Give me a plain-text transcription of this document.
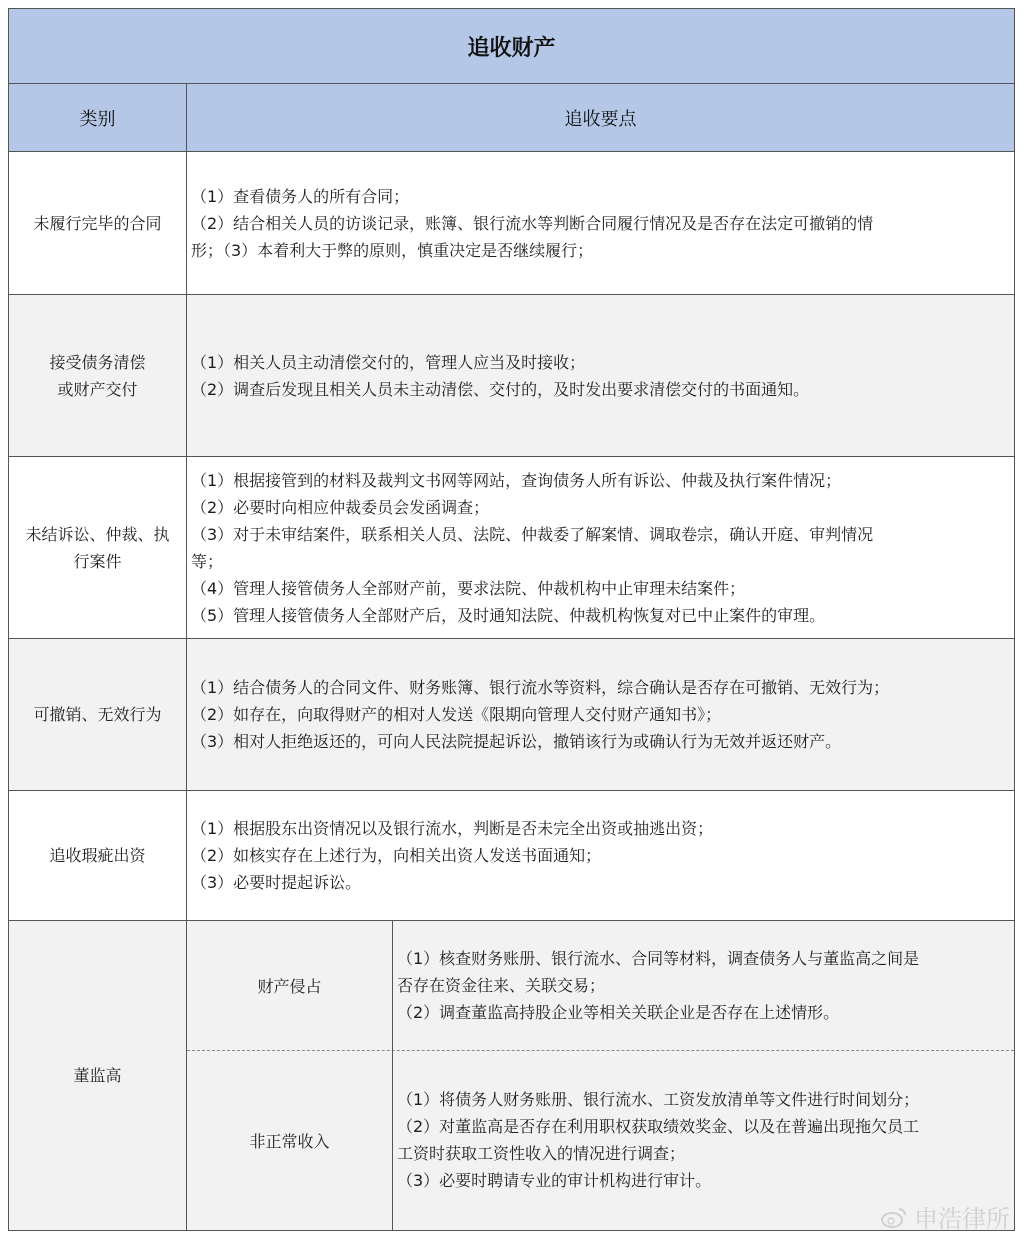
追收财产
类别	追收要点
未履行完毕的合同
（1）查看债务人的所有合同；
（2）结合相关人员的访谈记录，账簿、银行流水等判断合同履行情况及是否存在法定可撤销的情
形；（3）本着利大于弊的原则，慎重决定是否继续履行；
接受债务清偿
或财产交付
（1）相关人员主动清偿交付的，管理人应当及时接收；
（2）调查后发现且相关人员未主动清偿、交付的，及时发出要求清偿交付的书面通知。
未结诉讼、仲裁、执
行案件
（1）根据接管到的材料及裁判文书网等网站，查询债务人所有诉讼、仲裁及执行案件情况；
（2）必要时向相应仲裁委员会发函调查；
（3）对于未审结案件，联系相关人员、法院、仲裁委了解案情、调取卷宗，确认开庭、审判情况
等；
（4）管理人接管债务人全部财产前，要求法院、仲裁机构中止审理未结案件；
（5）管理人接管债务人全部财产后，及时通知法院、仲裁机构恢复对已中止案件的审理。
可撤销、无效行为
（1）结合债务人的合同文件、财务账簿、银行流水等资料，综合确认是否存在可撤销、无效行为；
（2）如存在，向取得财产的相对人发送《限期向管理人交付财产通知书》；
（3）相对人拒绝返还的，可向人民法院提起诉讼，撤销该行为或确认行为无效并返还财产。
追收瑕疵出资
（1）根据股东出资情况以及银行流水，判断是否未完全出资或抽逃出资；
（2）如核实存在上述行为，向相关出资人发送书面通知；
（3）必要时提起诉讼。
董监高
财产侵占
（1）核查财务账册、银行流水、合同等材料，调查债务人与董监高之间是
否存在资金往来、关联交易；
（2）调查董监高持股企业等相关关联企业是否存在上述情形。
非正常收入
（1）将债务人财务账册、银行流水、工资发放清单等文件进行时间划分；
（2）对董监高是否存在利用职权获取绩效奖金、以及在普遍出现拖欠员工
工资时获取工资性收入的情况进行调查；
（3）必要时聘请专业的审计机构进行审计。
申浩律所
